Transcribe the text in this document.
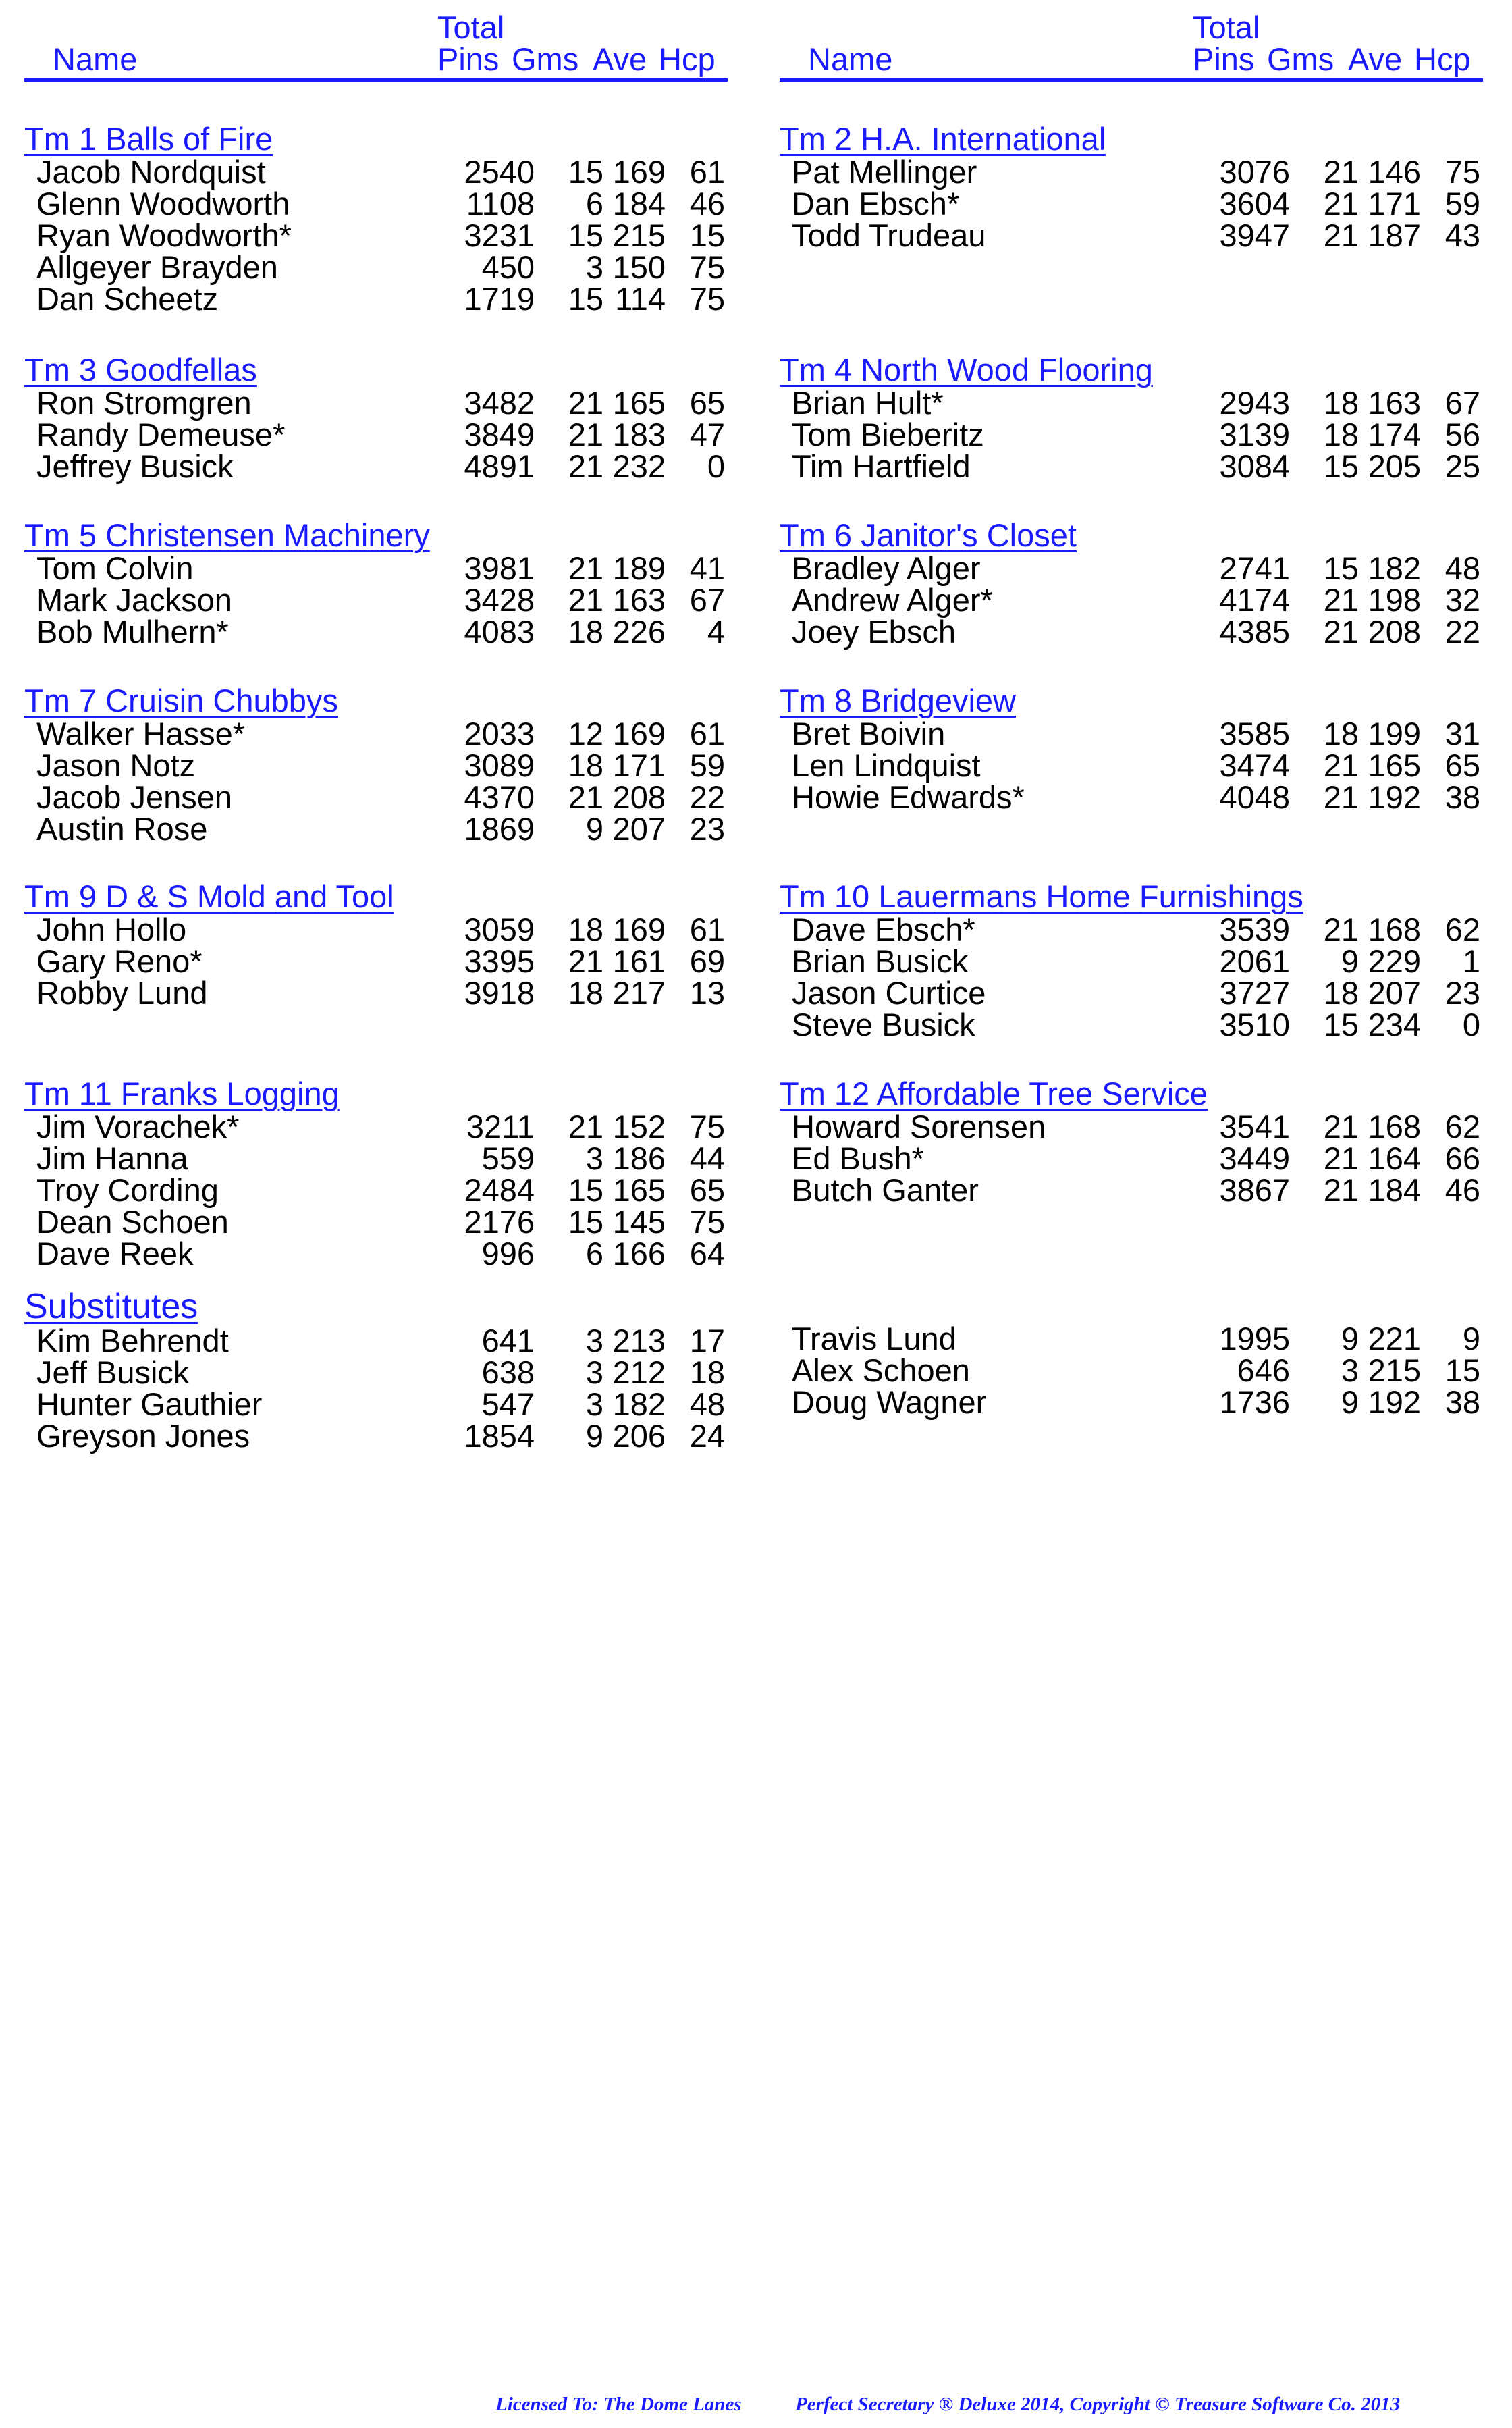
Name
Total
Pins Gms Ave Hcp
Tm 1 Balls of Fire
Jacob Nordquist	2540 15 169 61
Glenn Woodworth	1108 6 184 46
Ryan Woodworth*	3231 15 215 15
Allgeyer Brayden	450 3 150 75
Dan Scheetz	1719 15 114 75
Tm 3 Goodfellas
Ron Stromgren	3482 21 165 65
Randy Demeuse*	3849 21 183 47
Jeffrey Busick	4891 21 232 0
Tm 5 Christensen Machinery
Tom Colvin	3981 21 189 41
Mark Jackson	3428 21 163 67
Bob Mulhern*	4083 18 226 4
Tm 7 Cruisin Chubbys
Walker Hasse*	2033 12 169 61
Jason Notz	3089 18 171 59
Jacob Jensen	4370 21 208 22
Austin Rose	1869 9 207 23
Tm 9 D & S Mold and Tool
John Hollo	3059 18 169 61
Gary Reno*	3395 21 161 69
Robby Lund	3918 18 217 13
Tm 11 Franks Logging
Jim Vorachek*	3211 21 152 75
Jim Hanna	559 3 186 44
Troy Cording	2484 15 165 65
Dean Schoen	2176 15 145 75
Dave Reek	996 6 166 64
Substitutes
Kim Behrendt	641 3 213 17
Jeff Busick	638 3 212 18
Hunter Gauthier	547 3 182 48
Greyson Jones	1854 9 206 24
Name
Total
Pins Gms Ave Hcp
Tm 2 H.A. International
Pat Mellinger	3076 21 146 75
Dan Ebsch*	3604 21 171 59
Todd Trudeau	3947 21 187 43
Tm 4 North Wood Flooring
Brian Hult*	2943 18 163 67
Tom Bieberitz	3139 18 174 56
Tim Hartfield	3084 15 205 25
Tm 6 Janitor's Closet
Bradley Alger	2741 15 182 48
Andrew Alger*	4174 21 198 32
Joey Ebsch	4385 21 208 22
Tm 8 Bridgeview
Bret Boivin	3585 18 199 31
Len Lindquist	3474 21 165 65
Howie Edwards*	4048 21 192 38
Tm 10 Lauermans Home Furnishings
Dave Ebsch*	3539 21 168 62
Brian Busick	2061 9 229 1
Jason Curtice	3727 18 207 23
Steve Busick	3510 15 234 0
Tm 12 Affordable Tree Service
Howard Sorensen	3541 21 168 62
Ed Bush*	3449 21 164 66
Butch Ganter	3867 21 184 46
Travis Lund	1995 9 221 9
Alex Schoen	646 3 215 15
Doug Wagner	1736 9 192 38
Licensed To: The Dome Lanes	Perfect Secretary ® Deluxe 2014, Copyright © Treasure Software Co. 2013
